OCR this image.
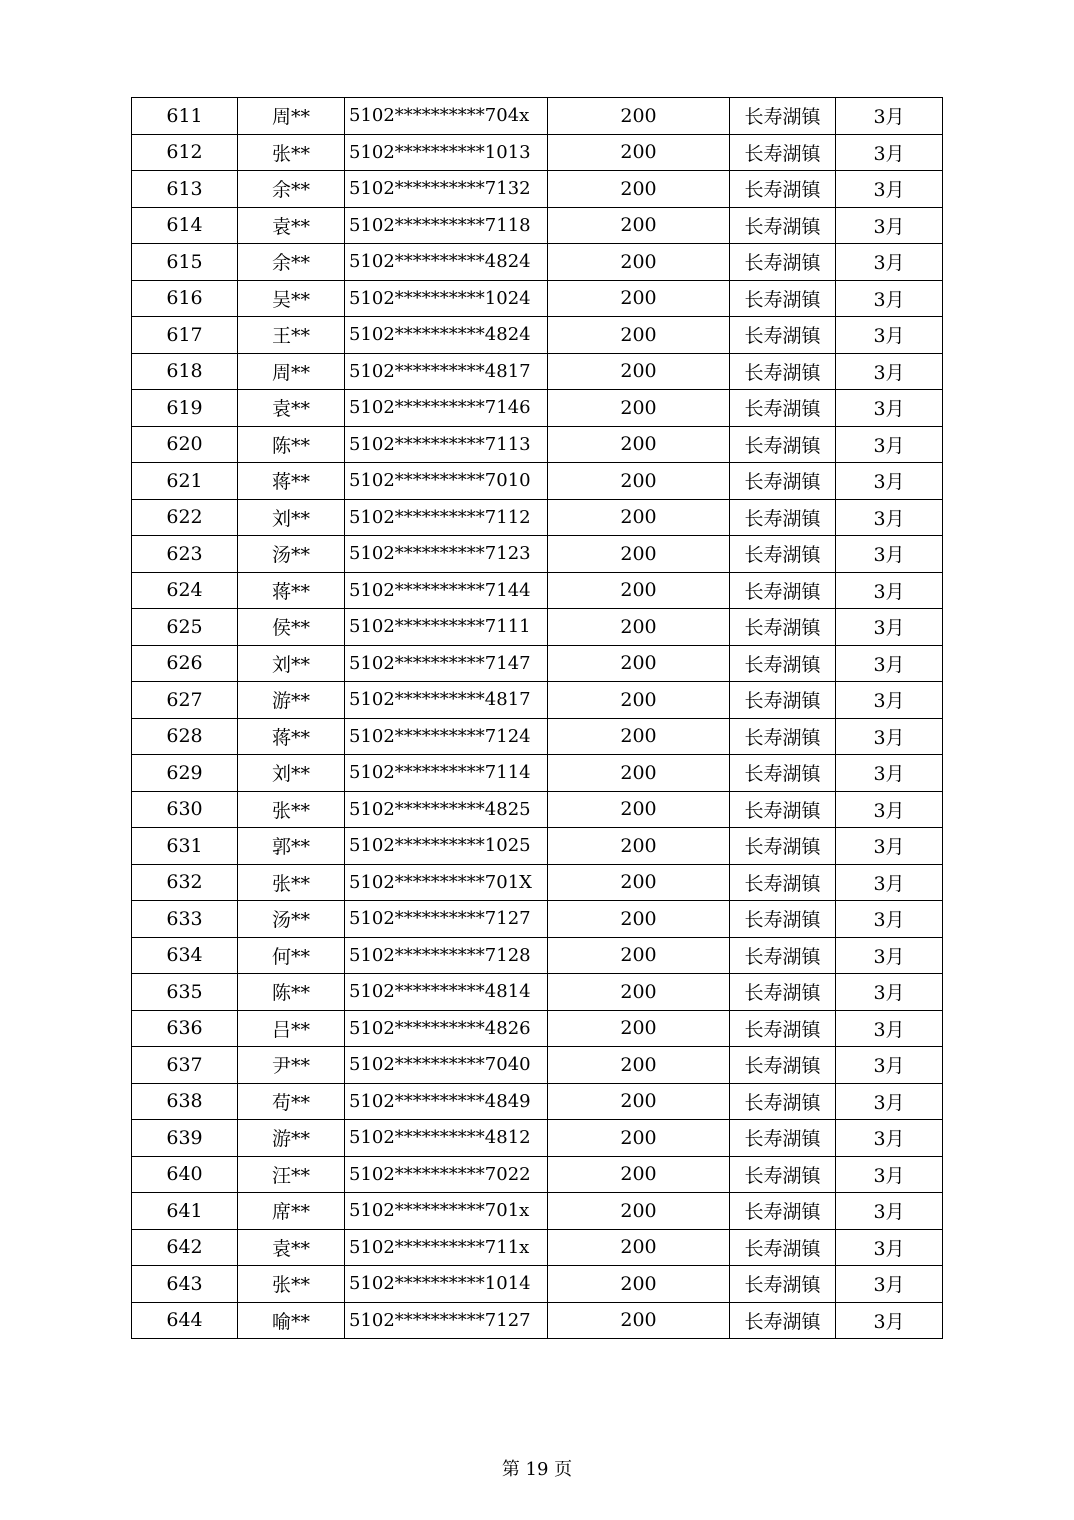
611	周**	5102**********704x	200	长寿湖镇	3月
612	张**	5102**********1013	200	长寿湖镇	3月
613	余**	5102**********7132	200	长寿湖镇	3月
614	袁**	5102**********7118	200	长寿湖镇	3月
615	余**	5102**********4824	200	长寿湖镇	3月
616	吴**	5102**********1024	200	长寿湖镇	3月
617	王**	5102**********4824	200	长寿湖镇	3月
618	周**	5102**********4817	200	长寿湖镇	3月
619	袁**	5102**********7146	200	长寿湖镇	3月
620	陈**	5102**********7113	200	长寿湖镇	3月
621	蒋**	5102**********7010	200	长寿湖镇	3月
622	刘**	5102**********7112	200	长寿湖镇	3月
623	汤**	5102**********7123	200	长寿湖镇	3月
624	蒋**	5102**********7144	200	长寿湖镇	3月
625	侯**	5102**********7111	200	长寿湖镇	3月
626	刘**	5102**********7147	200	长寿湖镇	3月
627	游**	5102**********4817	200	长寿湖镇	3月
628	蒋**	5102**********7124	200	长寿湖镇	3月
629	刘**	5102**********7114	200	长寿湖镇	3月
630	张**	5102**********4825	200	长寿湖镇	3月
631	郭**	5102**********1025	200	长寿湖镇	3月
632	张**	5102**********701X	200	长寿湖镇	3月
633	汤**	5102**********7127	200	长寿湖镇	3月
634	何**	5102**********7128	200	长寿湖镇	3月
635	陈**	5102**********4814	200	长寿湖镇	3月
636	吕**	5102**********4826	200	长寿湖镇	3月
637	尹**	5102**********7040	200	长寿湖镇	3月
638	苟**	5102**********4849	200	长寿湖镇	3月
639	游**	5102**********4812	200	长寿湖镇	3月
640	汪**	5102**********7022	200	长寿湖镇	3月
641	席**	5102**********701x	200	长寿湖镇	3月
642	袁**	5102**********711x	200	长寿湖镇	3月
643	张**	5102**********1014	200	长寿湖镇	3月
644	喻**	5102**********7127	200	长寿湖镇	3月
第 19 页
